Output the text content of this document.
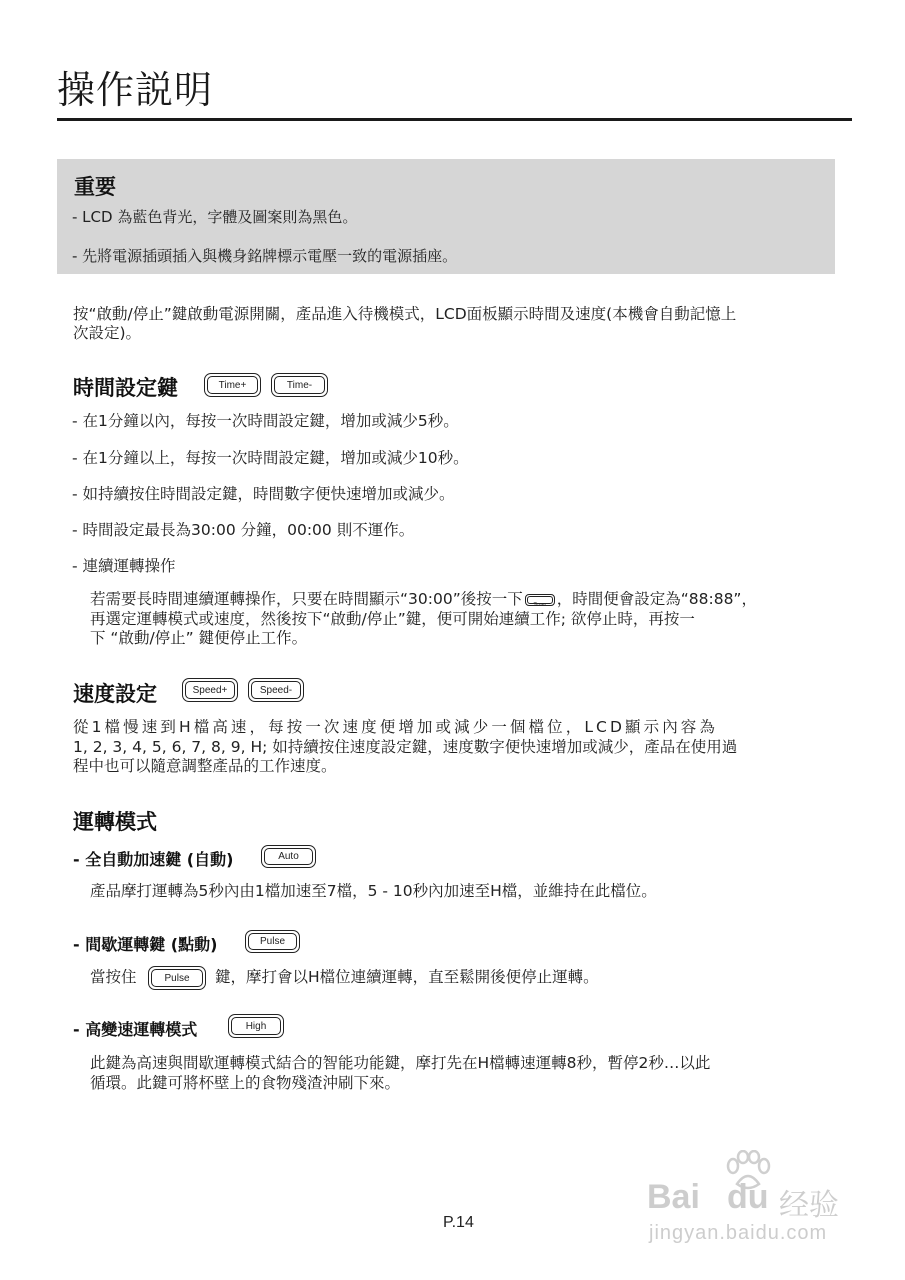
操作説明
重要
- LCD 為藍色背光，字體及圖案則為黑色。
- 先將電源插頭插入與機身銘牌標示電壓一致的電源插座。

按“啟動/停止”鍵啟動電源開關，產品進入待機模式，LCD面板顯示時間及速度(本機會自動記憶上

次設定)。

時間設定鍵	Time+	Time-
- 在1分鐘以內，每按一次時間設定鍵，增加或減少5秒。
- 在1分鐘以上，每按一次時間設定鍵，增加或減少10秒。
- 如持續按住時間設定鍵，時間數字便快速增加或減少。
- 時間設定最長為30:00 分鐘，00:00 則不運作。
- 連續運轉操作

若需要長時間連續運轉操作，只要在時間顯示“30:00”後按一下	Time- ，時間便會設定為“88:88”，

再選定運轉模式或速度，然後按下“啟動/停止”鍵，便可開始連續工作; 欲停止時，再按一

下 “啟動/停止” 鍵便停止工作。

速度設定	Speed+	Speed-

從1檔慢速到H檔高速，每按一次速度便增加或減少一個檔位，LCD顯示內容為

1, 2, 3, 4, 5, 6, 7, 8, 9, H; 如持續按住速度設定鍵，速度數字便快速增加或減少，產品在使用過

程中也可以隨意調整產品的工作速度。

運轉模式
- 全自動加速鍵 (自動)	Auto

產品摩打運轉為5秒內由1檔加速至7檔，5 - 10秒內加速至H檔，並維持在此檔位。

- 間歇運轉鍵 (點動)	Pulse

當按住	Pulse 鍵，摩打會以H檔位連續運轉，直至鬆開後便停止運轉。

- 高變速運轉模式	High

此鍵為高速與間歇運轉模式結合的智能功能鍵，摩打先在H檔轉速運轉8秒，暫停2秒…以此

循環。此鍵可將杯壁上的食物殘渣沖刷下來。

P.14
Bai du 经验
jingyan.baidu.com
